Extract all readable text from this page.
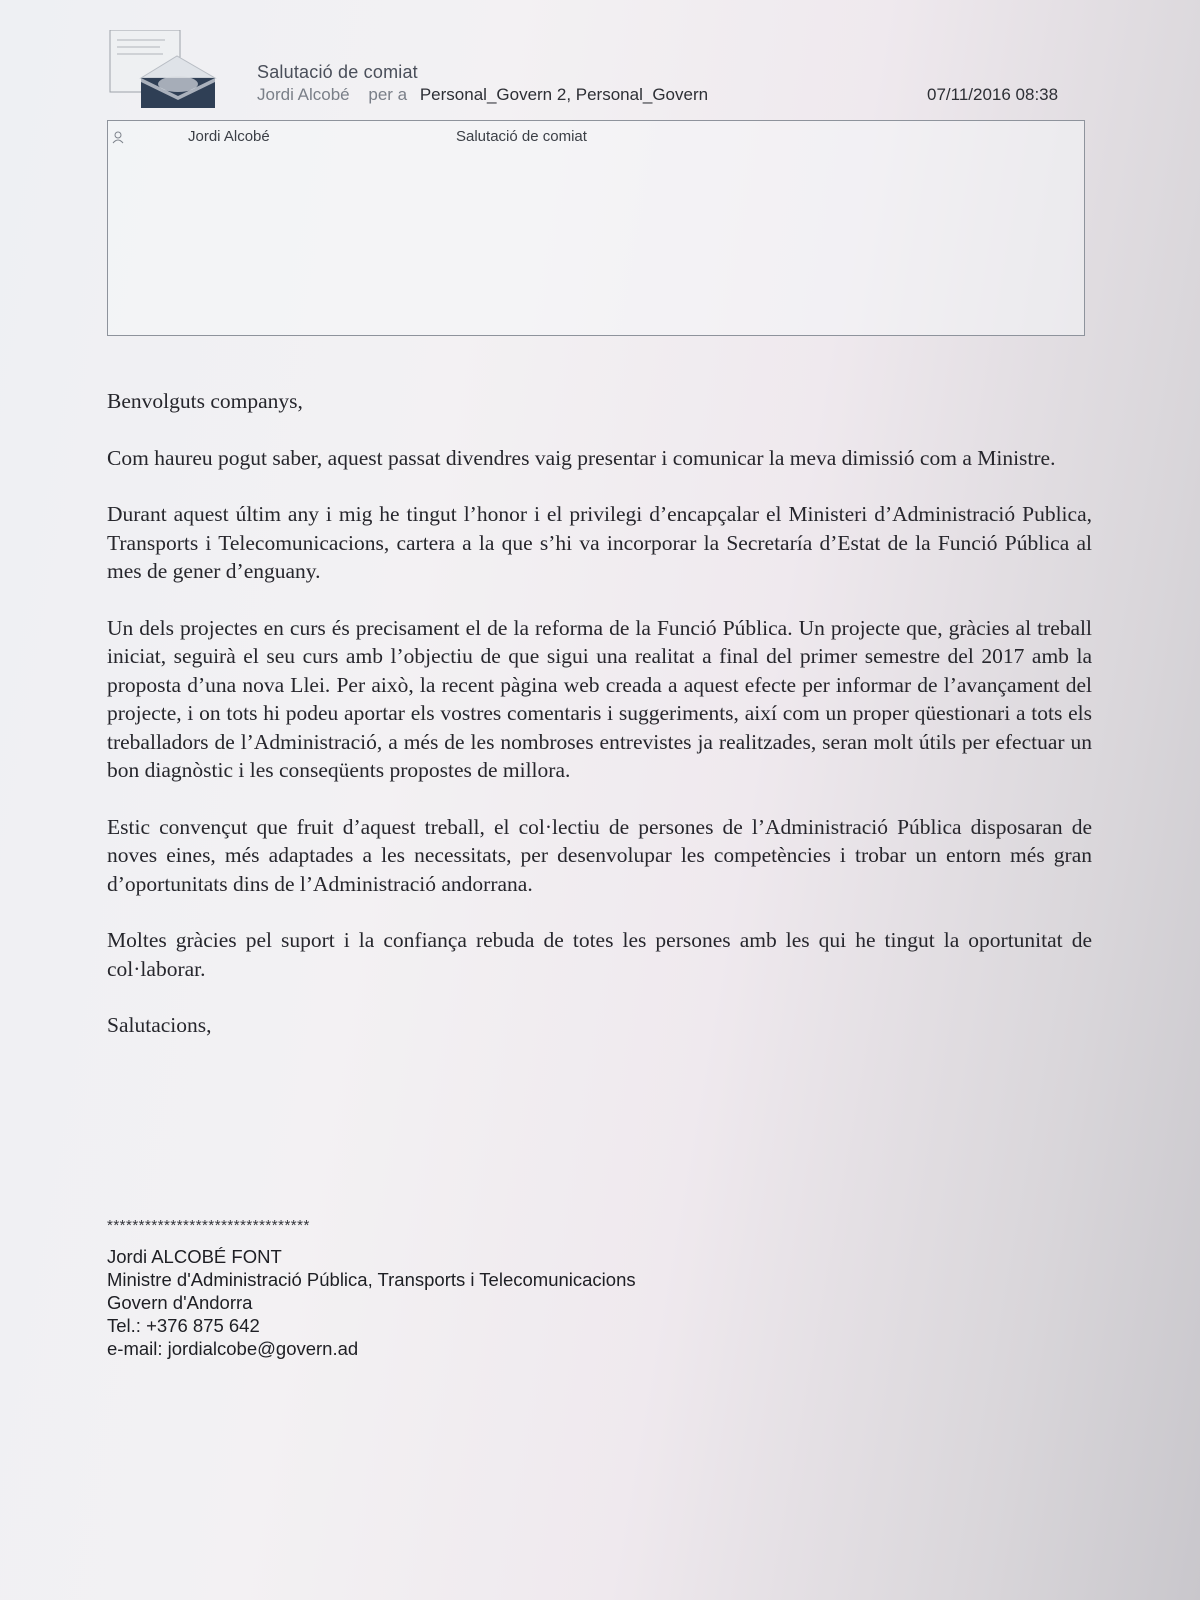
Salutació de comiat
Jordi Alcobé per a Personal_Govern 2, Personal_Govern	07/11/2016 08:38
Jordi Alcobé	Salutació de comiat

Benvolguts companys,

Com haureu pogut saber, aquest passat divendres vaig presentar i comunicar la meva dimissió com a Ministre.

Durant aquest últim any i mig he tingut l’honor i el privilegi d’encapçalar el Ministeri d’Administració Publica, Transports i Telecomunicacions, cartera a la que s’hi va incorporar la Secretaría d’Estat de la Funció Pública al mes de gener d’enguany.

Un dels projectes en curs és precisament el de la reforma de la Funció Pública. Un projecte que, gràcies al treball iniciat, seguirà el seu curs amb l’objectiu de que sigui una realitat a final del primer semestre del 2017 amb la proposta d’una nova Llei. Per això, la recent pàgina web creada a aquest efecte per informar de l’avançament del projecte, i on tots hi podeu aportar els vostres comentaris i suggeriments, així com un proper qüestionari a tots els treballadors de l’Administració, a més de les nombroses entrevistes ja realitzades, seran molt útils per efectuar un bon diagnòstic i les conseqüents propostes de millora.

Estic convençut que fruit d’aquest treball, el col·lectiu de persones de l’Administració Pública disposaran de noves eines, més adaptades a les necessitats, per desenvolupar les competències i trobar un entorn més gran d’oportunitats dins de l’Administració andorrana.

Moltes gràcies pel suport i la confiança rebuda de totes les persones amb les qui he tingut la oportunitat de col·laborar.

Salutacions,

********************************
Jordi ALCOBÉ FONT
Ministre d'Administració Pública, Transports i Telecomunicacions
Govern d'Andorra
Tel.: +376 875 642
e-mail: jordialcobe@govern.ad
